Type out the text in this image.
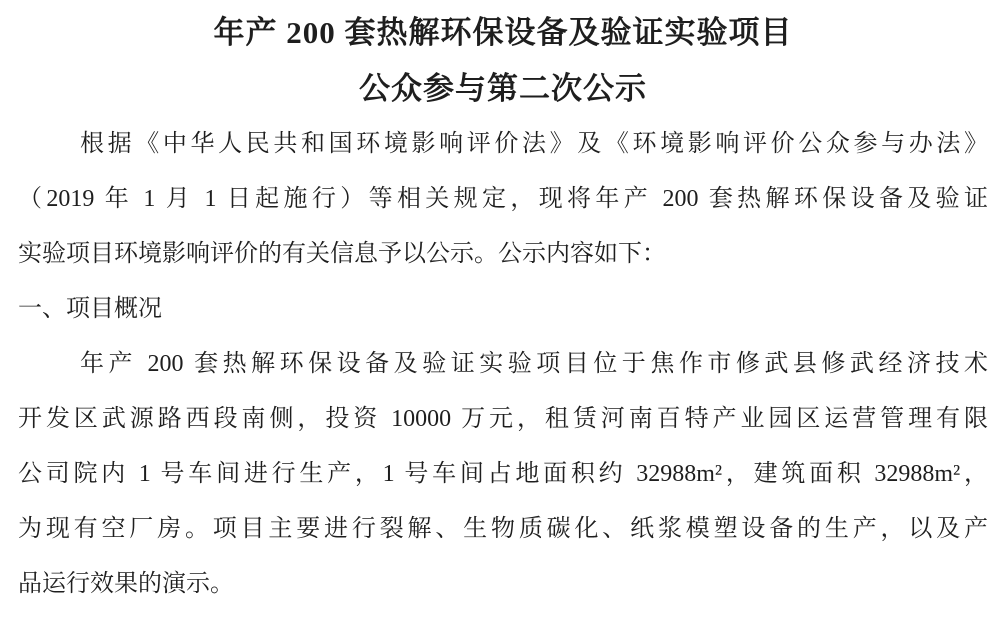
年产 200 套热解环保设备及验证实验项目
公众参与第二次公示
根据《中华人民共和国环境影响评价法》及《环境影响评价公众参与办法》
（2019 年 1 月 1 日起施行）等相关规定，现将年产 200 套热解环保设备及验证
实验项目环境影响评价的有关信息予以公示。公示内容如下：
一、项目概况
年产 200 套热解环保设备及验证实验项目位于焦作市修武县修武经济技术
开发区武源路西段南侧，投资 10000 万元，租赁河南百特产业园区运营管理有限
公司院内 1 号车间进行生产，1 号车间占地面积约 32988m²，建筑面积 32988m²，
为现有空厂房。项目主要进行裂解、生物质碳化、纸浆模塑设备的生产，以及产
品运行效果的演示。
